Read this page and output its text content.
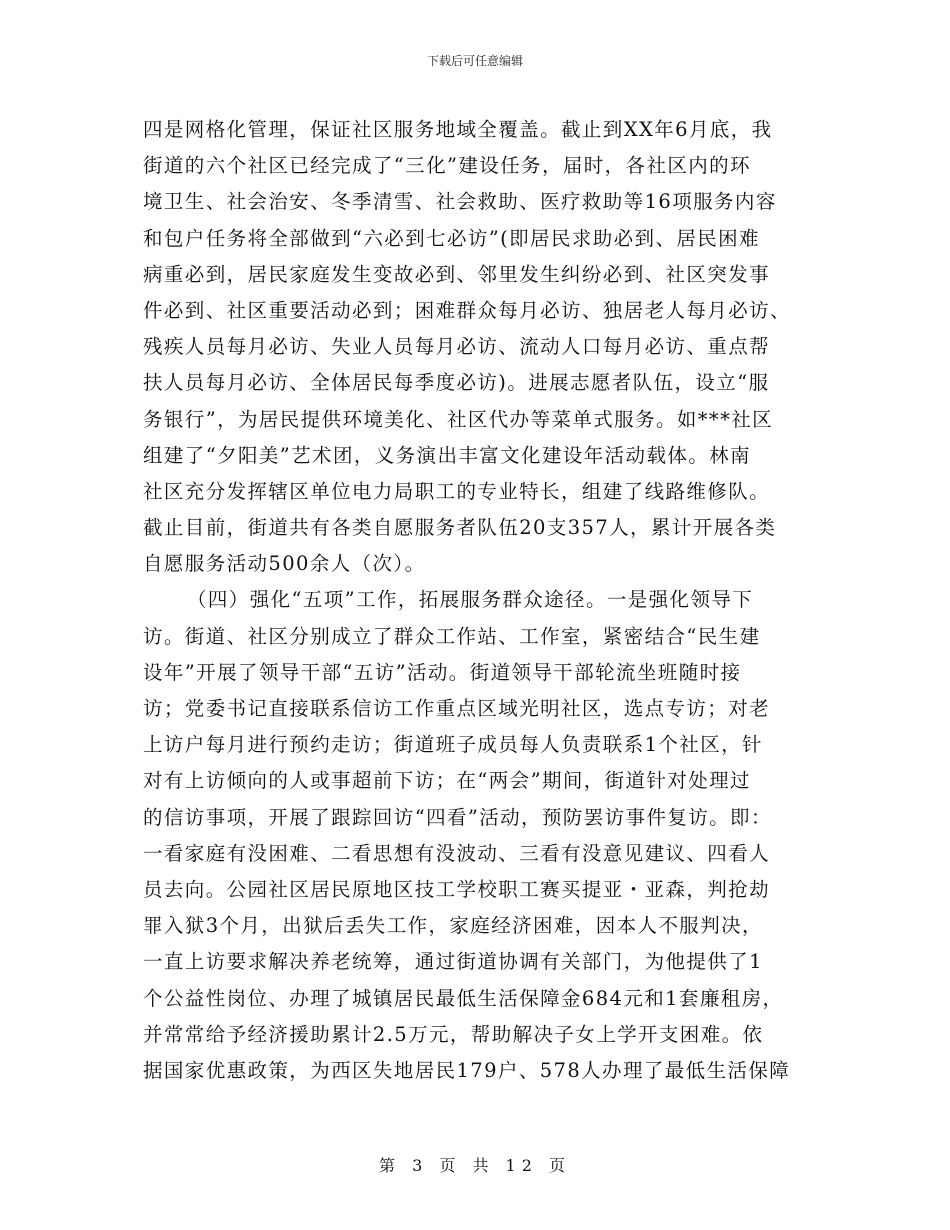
下载后可任意编辑
四是网格化管理，保证社区服务地域全覆盖。截止到XX年6月底，我
街道的六个社区已经完成了“三化”建设任务，届时，各社区内的环
境卫生、社会治安、冬季清雪、社会救助、医疗救助等16项服务内容
和包户任务将全部做到“六必到七必访”(即居民求助必到、居民困难
病重必到，居民家庭发生变故必到、邻里发生纠纷必到、社区突发事
件必到、社区重要活动必到；困难群众每月必访、独居老人每月必访、
残疾人员每月必访、失业人员每月必访、流动人口每月必访、重点帮
扶人员每月必访、全体居民每季度必访)。进展志愿者队伍，设立“服
务银行”，为居民提供环境美化、社区代办等菜单式服务。如***社区
组建了“夕阳美”艺术团，义务演出丰富文化建设年活动载体。林南
社区充分发挥辖区单位电力局职工的专业特长，组建了线路维修队。
截止目前，街道共有各类自愿服务者队伍20支357人，累计开展各类
自愿服务活动500余人（次）。
（四）强化“五项”工作，拓展服务群众途径。一是强化领导下
访。街道、社区分别成立了群众工作站、工作室，紧密结合“民生建
设年”开展了领导干部“五访”活动。街道领导干部轮流坐班随时接
访；党委书记直接联系信访工作重点区域光明社区，选点专访；对老
上访户每月进行预约走访；街道班子成员每人负责联系1个社区，针
对有上访倾向的人或事超前下访；在“两会”期间，街道针对处理过
的信访事项，开展了跟踪回访“四看”活动，预防罢访事件复访。即：
一看家庭有没困难、二看思想有没波动、三看有没意见建议、四看人
员去向。公园社区居民原地区技工学校职工赛买提亚・亚森，判抢劫
罪入狱3个月，出狱后丢失工作，家庭经济困难，因本人不服判决，
一直上访要求解决养老统筹，通过街道协调有关部门，为他提供了1
个公益性岗位、办理了城镇居民最低生活保障金684元和1套廉租房，
并常常给予经济援助累计2.5万元，帮助解决子女上学开支困难。依
据国家优惠政策，为西区失地居民179户、578人办理了最低生活保障
第 3 页 共 12 页
